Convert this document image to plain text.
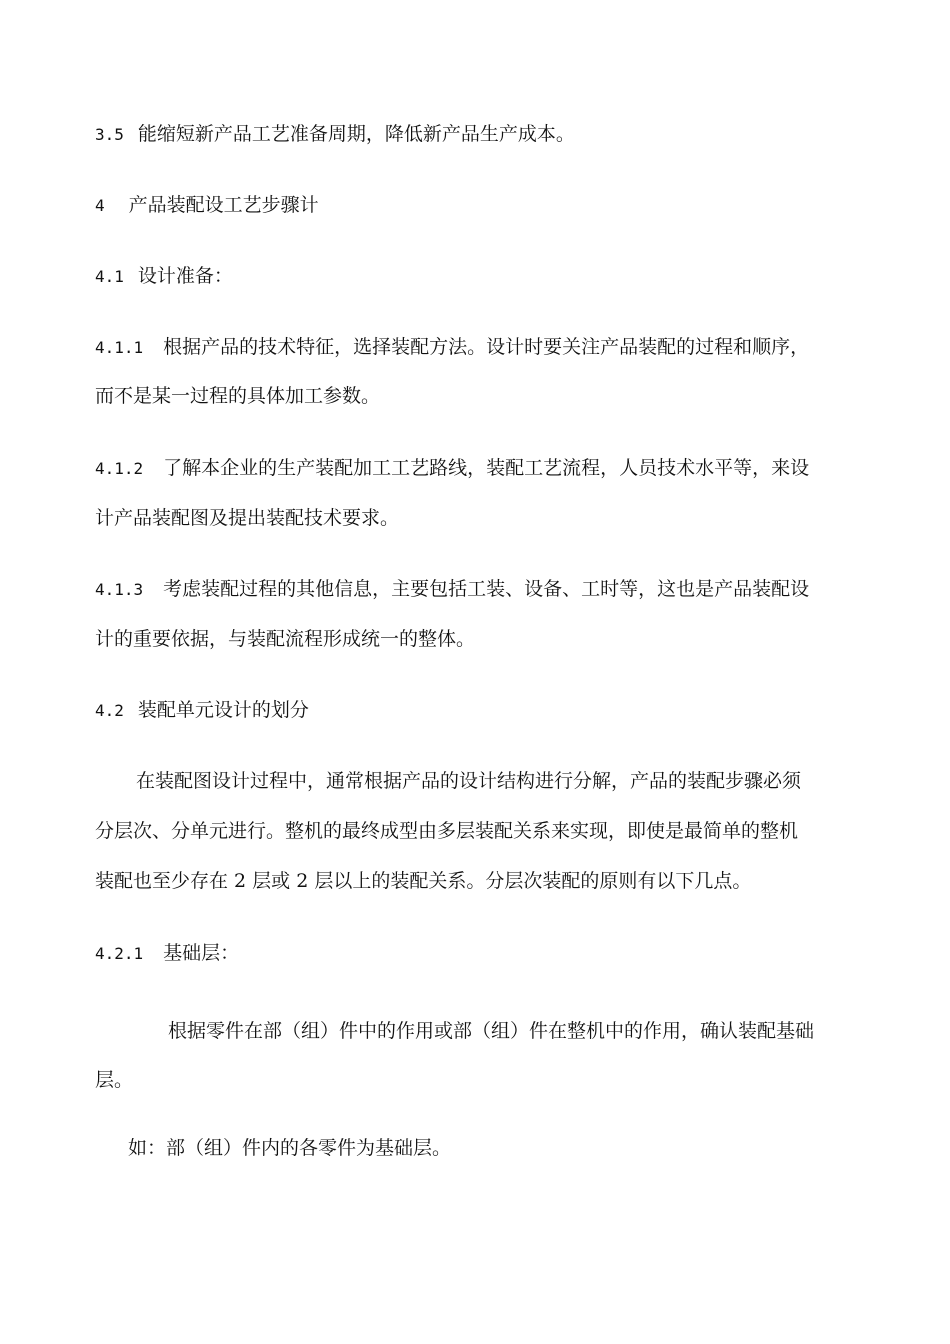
3.5 能缩短新产品工艺准备周期，降低新产品生产成本。
4 产品装配设工艺步骤计
4.1 设计准备：
4.1.1 根据产品的技术特征，选择装配方法。设计时要关注产品装配的过程和顺序，
而不是某一过程的具体加工参数。
4.1.2 了解本企业的生产装配加工工艺路线，装配工艺流程，人员技术水平等，来设
计产品装配图及提出装配技术要求。
4.1.3 考虑装配过程的其他信息，主要包括工装、设备、工时等，这也是产品装配设
计的重要依据，与装配流程形成统一的整体。
4.2 装配单元设计的划分
在装配图设计过程中，通常根据产品的设计结构进行分解，产品的装配步骤必须
分层次、分单元进行。整机的最终成型由多层装配关系来实现，即使是最简单的整机
装配也至少存在 2 层或 2 层以上的装配关系。分层次装配的原则有以下几点。
4.2.1 基础层：
根据零件在部（组）件中的作用或部（组）件在整机中的作用，确认装配基础
层。
如：部（组）件内的各零件为基础层。
